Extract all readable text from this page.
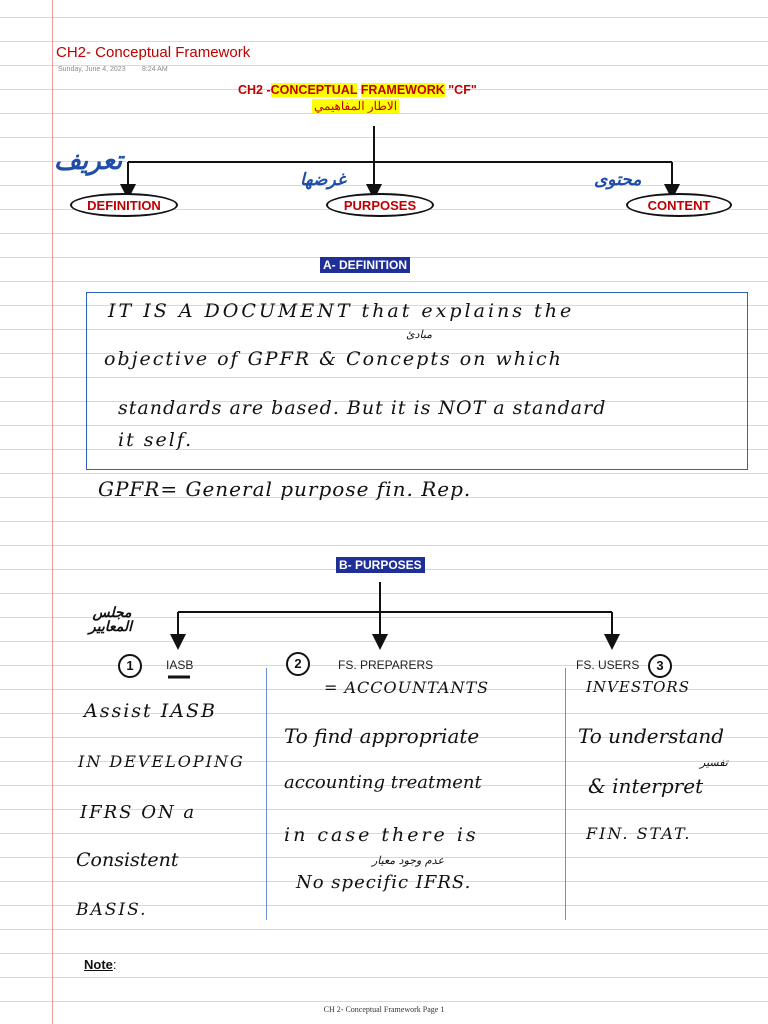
CH2- Conceptual Framework
Sunday, June 4, 2023 8:24 AM
CH2 -CONCEPTUAL FRAMEWORK "CF"
الاطار المفاهيمي
تعريف
DEFINITION
غرضها
PURPOSES
محتوى
CONTENT
A- DEFINITION
IT IS A DOCUMENT that explains the
مبادئ
objective of GPFR & Concepts on which
standards are based. But it is NOT a standard
it self.
GPFR= General purpose fin. Rep.
B- PURPOSES
مجلس المعايير
1	IASB
Assist IASB
IN DEVELOPING
IFRS ON a
Consistent
BASIS.
2	FS. PREPARERS
= ACCOUNTANTS
To find appropriate
accounting treatment
in case there is
عدم وجود معيار
No specific IFRS.
FS. USERS	3
INVESTORS
To understand
تفسير
& interpret
FIN. STAT.
Note:
CH 2- Conceptual Framework Page 1
